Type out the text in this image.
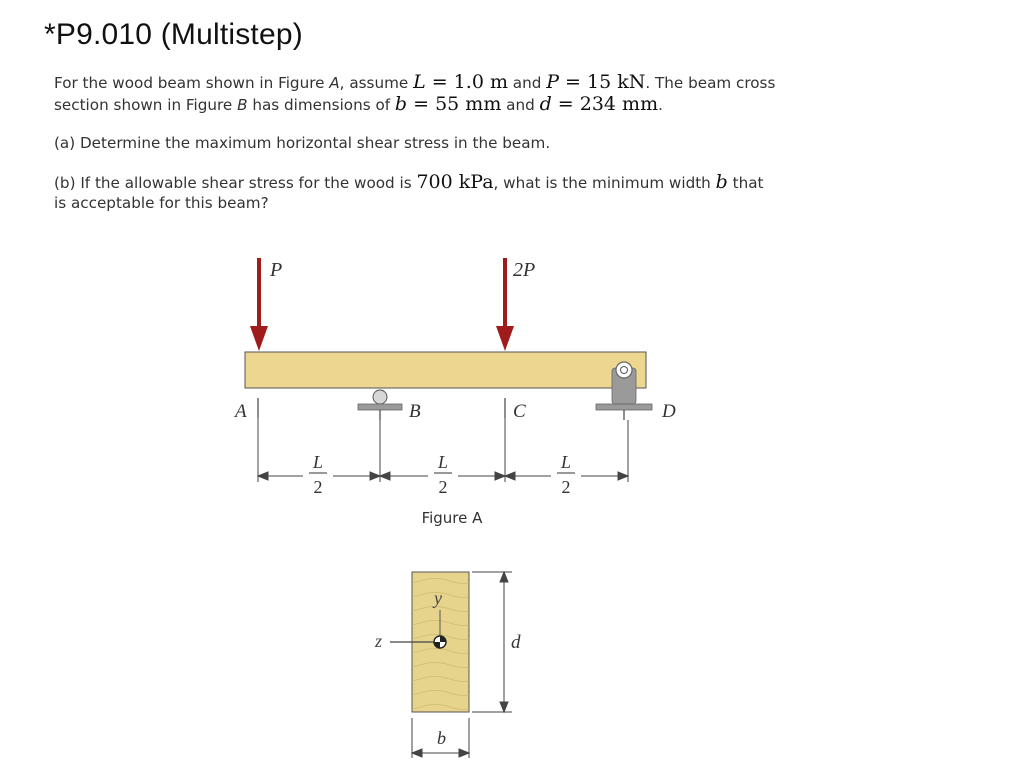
*P9.010 (Multistep)
For the wood beam shown in Figure A, assume L = 1.0 m and P = 15 kN. The beam cross
section shown in Figure B has dimensions of b = 55 mm and d = 234 mm.
(a) Determine the maximum horizontal shear stress in the beam.
(b) If the allowable shear stress for the wood is 700 kPa, what is the minimum width b that
is acceptable for this beam?
P	2P
A	B	C	D
L
2
L
2
L
2
Figure A
y
z	d
b
